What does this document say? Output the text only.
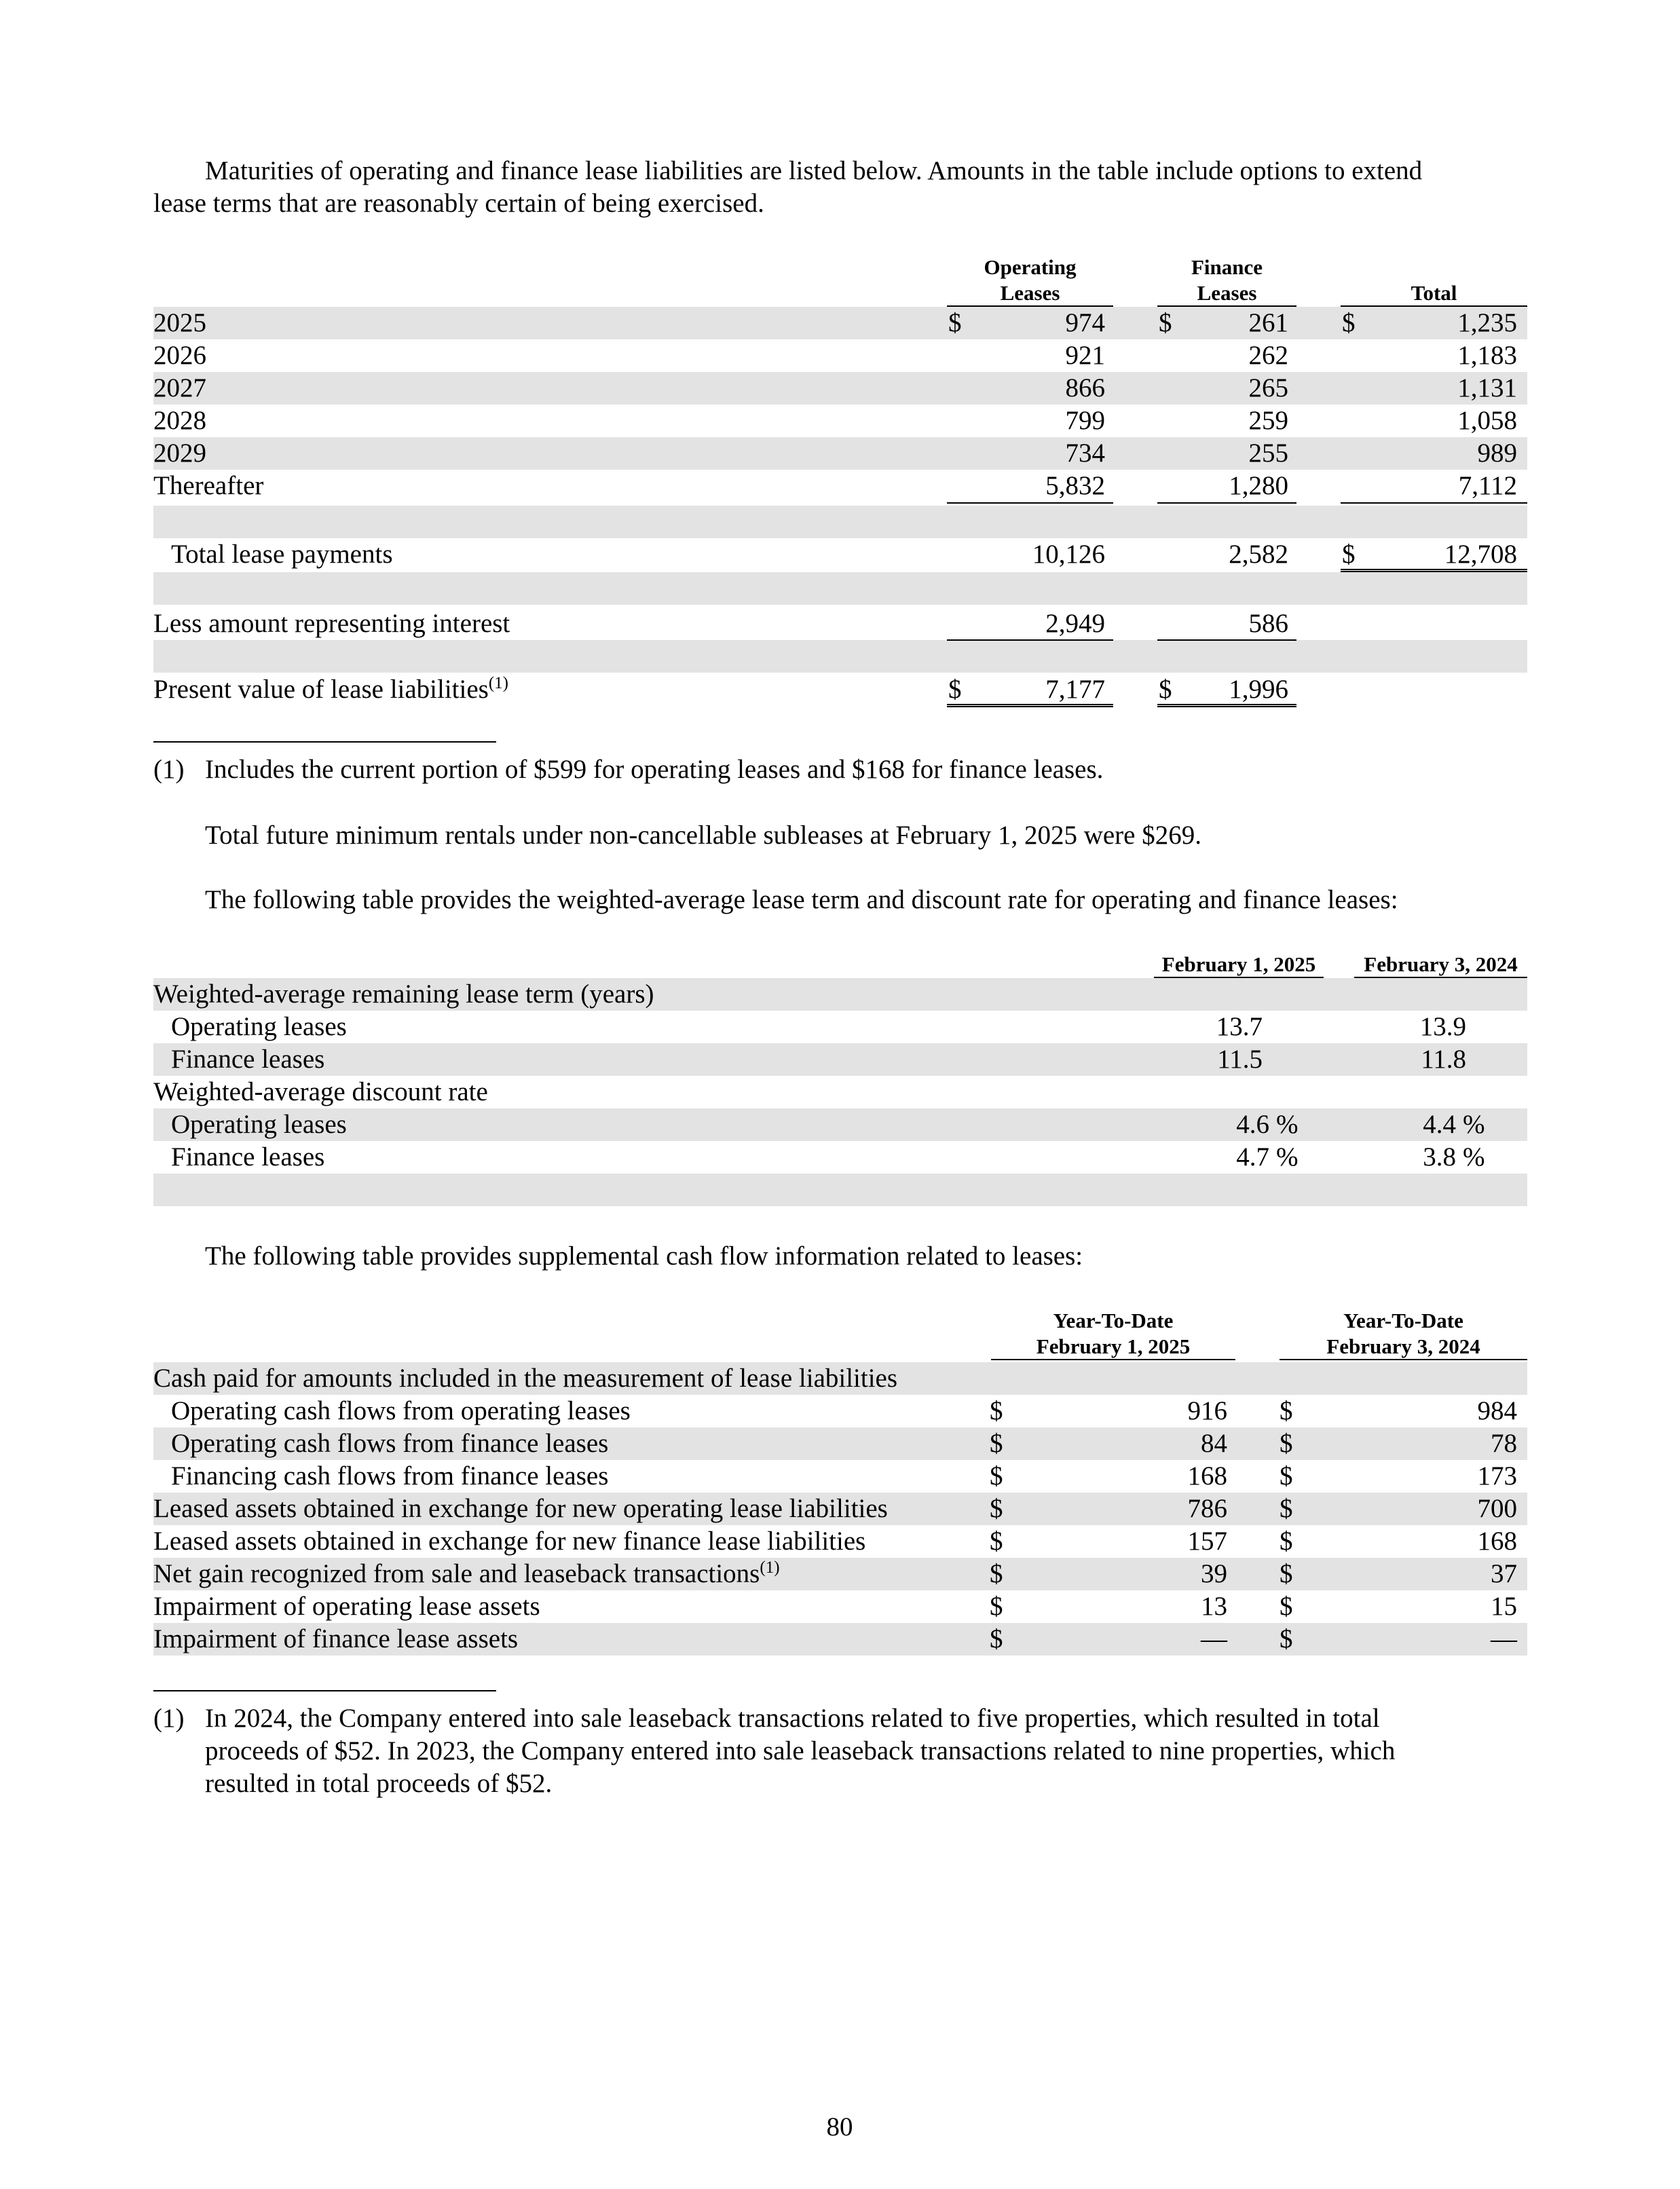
Maturities of operating and finance lease liabilities are listed below. Amounts in the table include options to extend
lease terms that are reasonably certain of being exercised.
Operating
Leases
Finance
Leases	Total
2025	$	974 $	261 $	1,235
2026	921	262	1,183
2027	866	265	1,131
2028	799	259	1,058
2029	734	255	989
Thereafter	5,832	1,280	7,112
Total lease payments	10,126	2,582 $	12,708
Less amount representing interest	2,949	586
Present value of lease liabilities$^{(1)}$	$	7,177 $	1,996
(1) Includes the current portion of $599 for operating leases and $168 for finance leases.
Total future minimum rentals under non-cancellable subleases at February 1, 2025 were $269.
The following table provides the weighted-average lease term and discount rate for operating and finance leases:
February 1, 2025	February 3, 2024
Weighted-average remaining lease term (years)
Operating leases	13.7	13.9
Finance leases	11.5	11.8
Weighted-average discount rate
Operating leases	4.6 %	4.4 %
Finance leases	4.7 %	3.8 %
The following table provides supplemental cash flow information related to leases:
Year-To-Date
February 1, 2025
Year-To-Date
February 3, 2024
Cash paid for amounts included in the measurement of lease liabilities
Operating cash flows from operating leases	$	916 $	984
Operating cash flows from finance leases	$	84 $	78
Financing cash flows from finance leases	$	168 $	173
Leased assets obtained in exchange for new operating lease liabilities	$	786 $	700
Leased assets obtained in exchange for new finance lease liabilities	$	157 $	168
Net gain recognized from sale and leaseback transactions$^{(1)}$	$	39 $	37
Impairment of operating lease assets	$	13 $	15
Impairment of finance lease assets	$	— $	—
(1) In 2024, the Company entered into sale leaseback transactions related to five properties, which resulted in total
proceeds of $52. In 2023, the Company entered into sale leaseback transactions related to nine properties, which
resulted in total proceeds of $52.
80
